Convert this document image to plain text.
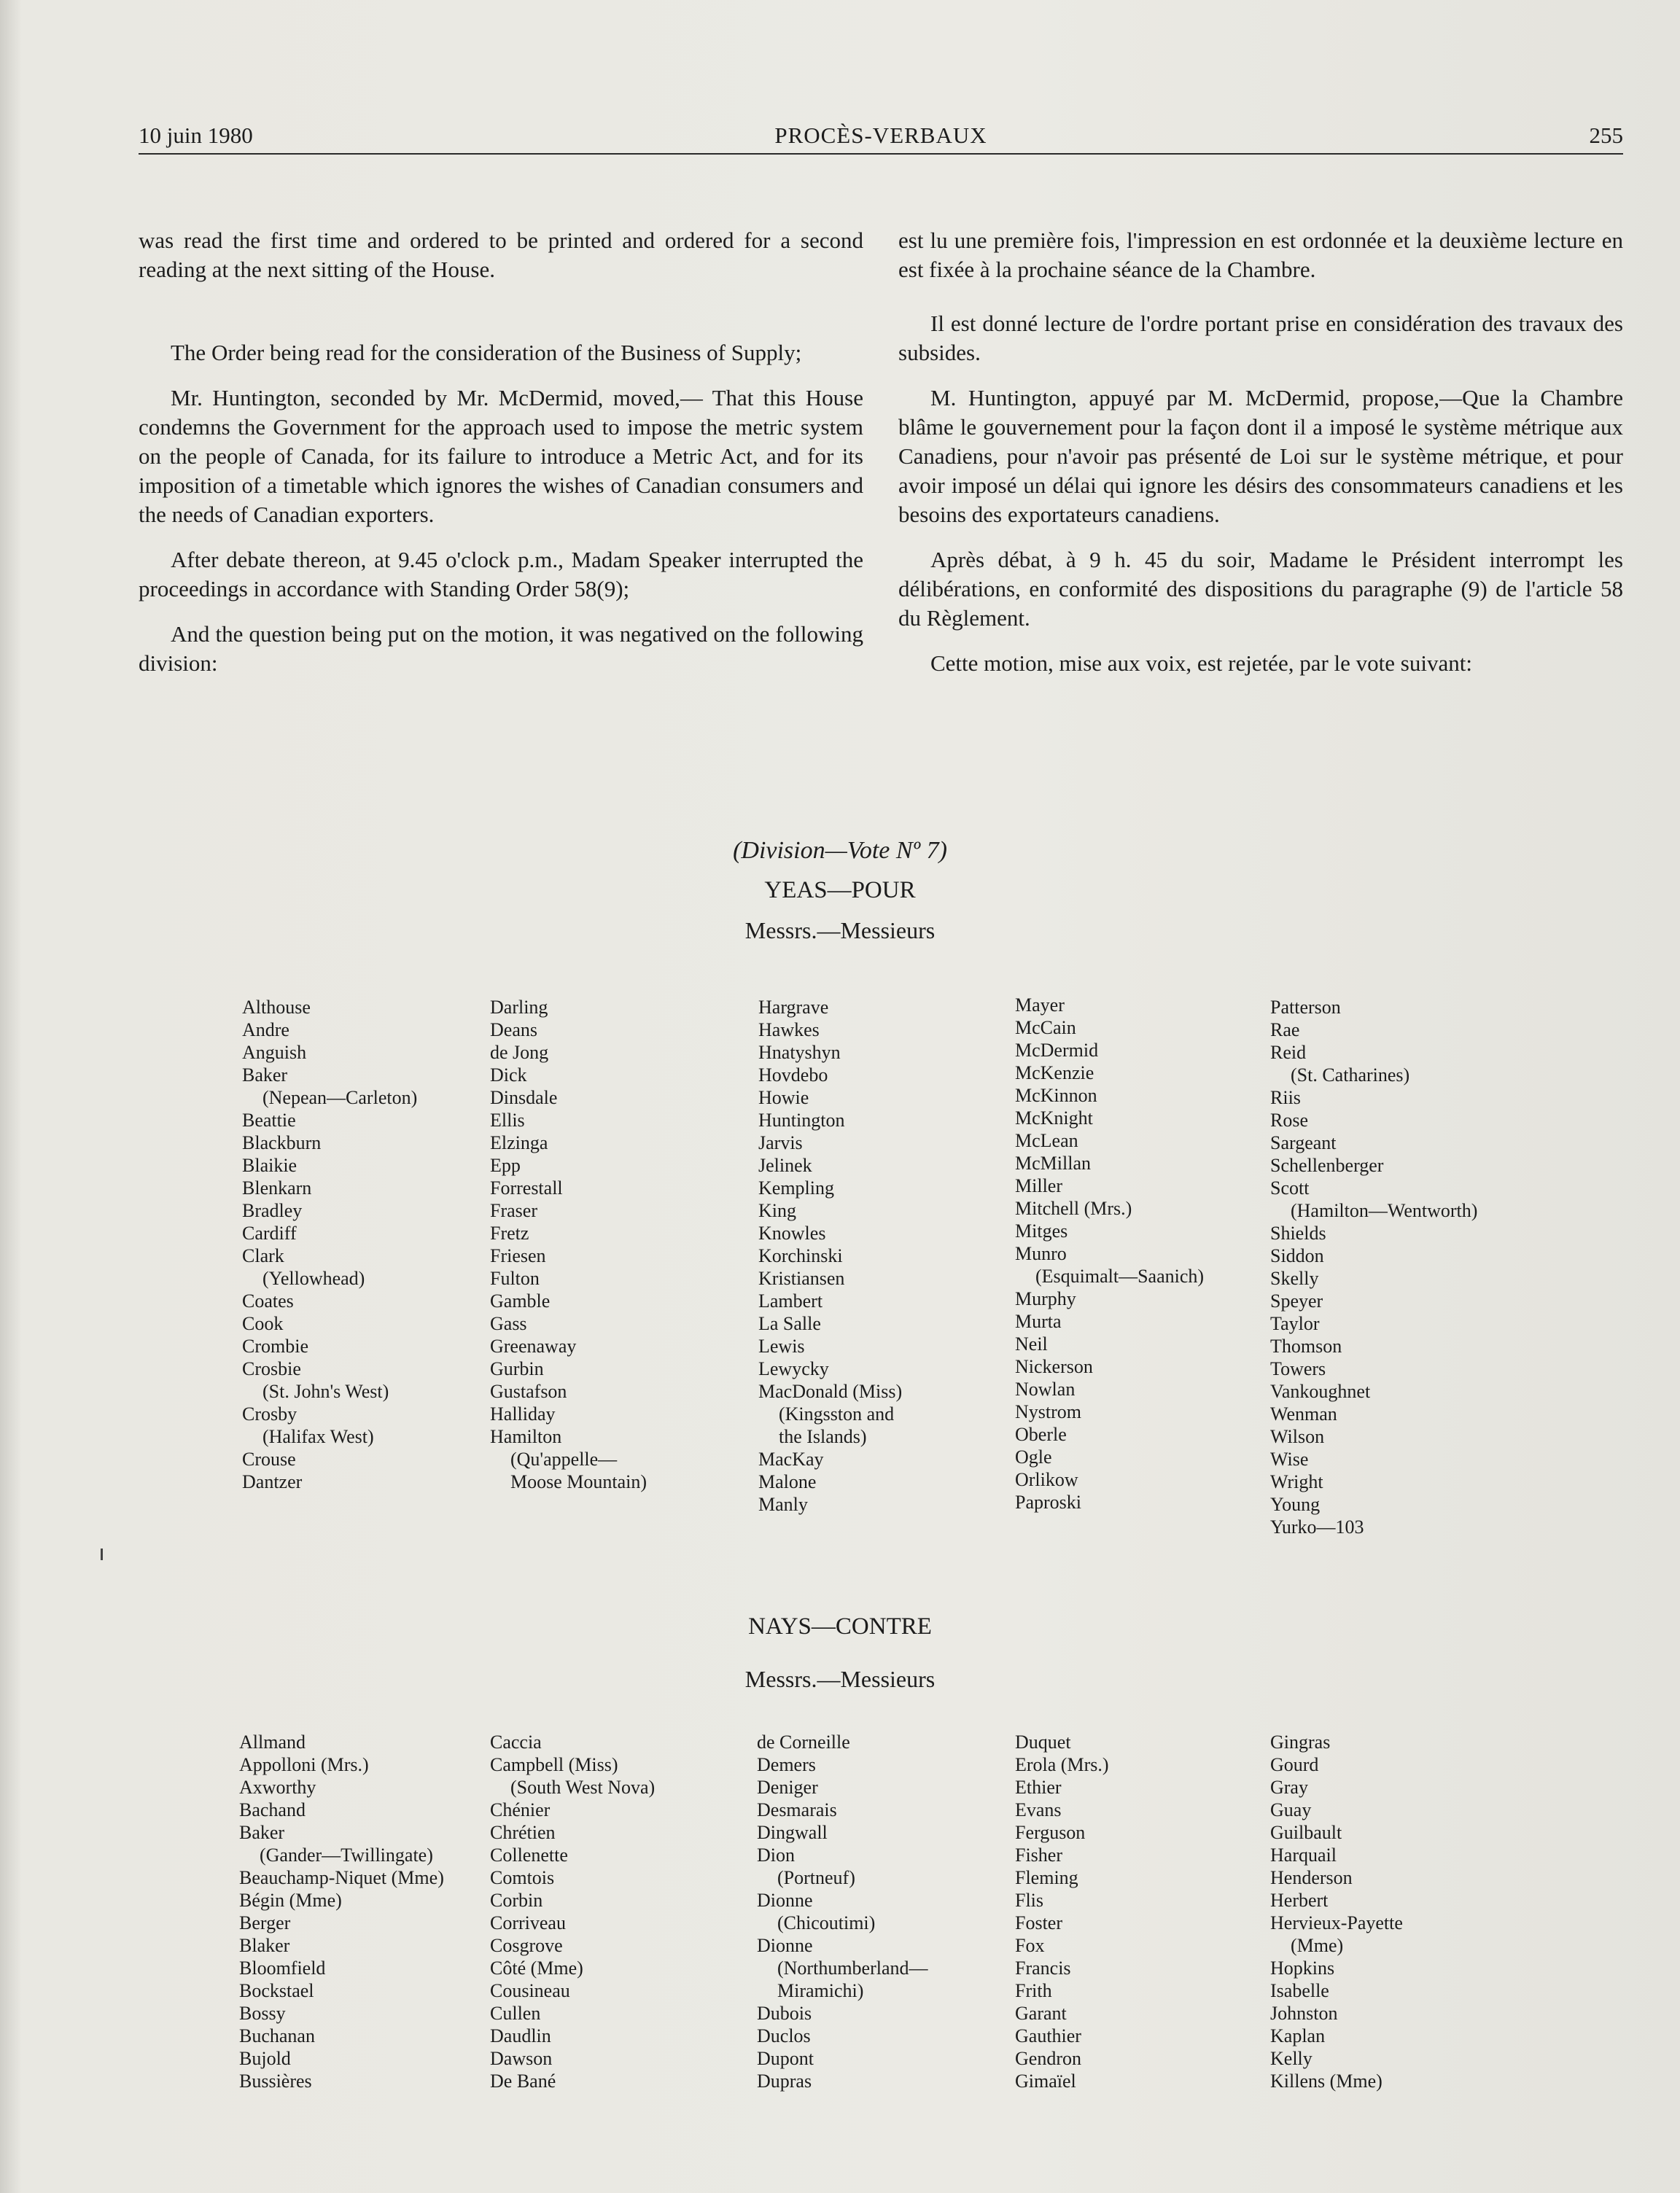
10 juin 1980	PROCÈS-VERBAUX	255

was read the first time and ordered to be printed and ordered for a second reading at the next sitting of the House.

The Order being read for the consideration of the Business of Supply;

Mr. Huntington, seconded by Mr. McDermid, moved,— That this House condemns the Government for the approach used to impose the metric system on the people of Canada, for its failure to introduce a Metric Act, and for its imposition of a timetable which ignores the wishes of Canadian consumers and the needs of Canadian exporters.

After debate thereon, at 9.45 o'clock p.m., Madam Speaker interrupted the proceedings in accordance with Standing Order 58(9);

And the question being put on the motion, it was negatived on the following division:

est lu une première fois, l'impression en est ordonnée et la deuxième lecture en est fixée à la prochaine séance de la Chambre.

Il est donné lecture de l'ordre portant prise en considération des travaux des subsides.

M. Huntington, appuyé par M. McDermid, propose,—Que la Chambre blâme le gouvernement pour la façon dont il a imposé le système métrique aux Canadiens, pour n'avoir pas présenté de Loi sur le système métrique, et pour avoir imposé un délai qui ignore les désirs des consommateurs canadiens et les besoins des exportateurs canadiens.

Après débat, à 9 h. 45 du soir, Madame le Président interrompt les délibérations, en conformité des dispositions du paragraphe (9) de l'article 58 du Règlement.

Cette motion, mise aux voix, est rejetée, par le vote suivant:

(Division—Vote Nº 7)
YEAS—POUR
Messrs.—Messieurs
Althouse
Andre
Anguish
Baker
(Nepean—Carleton)
Beattie
Blackburn
Blaikie
Blenkarn
Bradley
Cardiff
Clark
(Yellowhead)
Coates
Cook
Crombie
Crosbie
(St. John's West)
Crosby
(Halifax West)
Crouse
Dantzer
Darling
Deans
de Jong
Dick
Dinsdale
Ellis
Elzinga
Epp
Forrestall
Fraser
Fretz
Friesen
Fulton
Gamble
Gass
Greenaway
Gurbin
Gustafson
Halliday
Hamilton
(Qu'appelle—
Moose Mountain)
Hargrave
Hawkes
Hnatyshyn
Hovdebo
Howie
Huntington
Jarvis
Jelinek
Kempling
King
Knowles
Korchinski
Kristiansen
Lambert
La Salle
Lewis
Lewycky
MacDonald (Miss)
(Kingsston and
the Islands)
MacKay
Malone
Manly
Mayer
McCain
McDermid
McKenzie
McKinnon
McKnight
McLean
McMillan
Miller
Mitchell (Mrs.)
Mitges
Munro
(Esquimalt—Saanich)
Murphy
Murta
Neil
Nickerson
Nowlan
Nystrom
Oberle
Ogle
Orlikow
Paproski
Patterson
Rae
Reid
(St. Catharines)
Riis
Rose
Sargeant
Schellenberger
Scott
(Hamilton—Wentworth)
Shields
Siddon
Skelly
Speyer
Taylor
Thomson
Towers
Vankoughnet
Wenman
Wilson
Wise
Wright
Young
Yurko—103
NAYS—CONTRE
Messrs.—Messieurs
Allmand
Appolloni (Mrs.)
Axworthy
Bachand
Baker
(Gander—Twillingate)
Beauchamp-Niquet (Mme)
Bégin (Mme)
Berger
Blaker
Bloomfield
Bockstael
Bossy
Buchanan
Bujold
Bussières
Caccia
Campbell (Miss)
(South West Nova)
Chénier
Chrétien
Collenette
Comtois
Corbin
Corriveau
Cosgrove
Côté (Mme)
Cousineau
Cullen
Daudlin
Dawson
De Bané
de Corneille
Demers
Deniger
Desmarais
Dingwall
Dion
(Portneuf)
Dionne
(Chicoutimi)
Dionne
(Northumberland—
Miramichi)
Dubois
Duclos
Dupont
Dupras
Duquet
Erola (Mrs.)
Ethier
Evans
Ferguson
Fisher
Fleming
Flis
Foster
Fox
Francis
Frith
Garant
Gauthier
Gendron
Gimaïel
Gingras
Gourd
Gray
Guay
Guilbault
Harquail
Henderson
Herbert
Hervieux-Payette
(Mme)
Hopkins
Isabelle
Johnston
Kaplan
Kelly
Killens (Mme)
